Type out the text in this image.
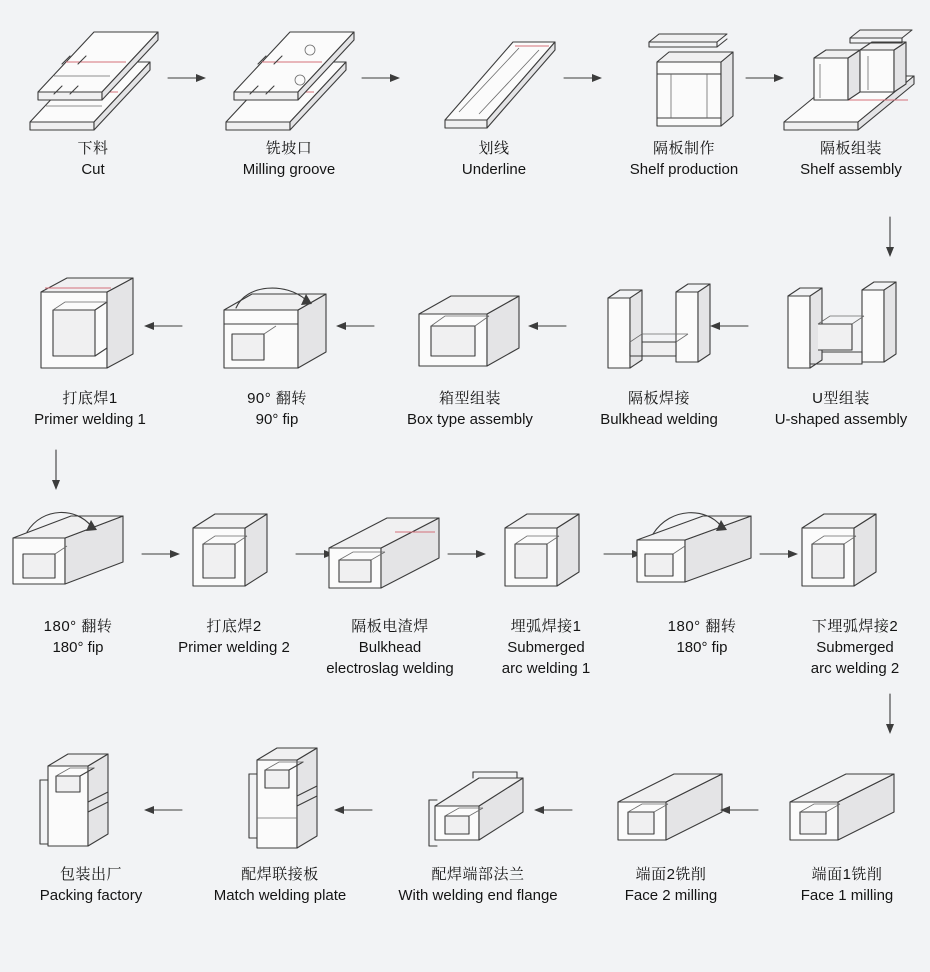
下料
Cut
铣坡口
Milling groove
划线
Underline
隔板制作
Shelf production
隔板组装
Shelf assembly
打底焊1
Primer welding 1
90° 翻转
90° fip
箱型组装
Box type assembly
隔板焊接
Bulkhead welding
U型组装
U-shaped assembly
180° 翻转
180° fip
打底焊2
Primer welding 2
隔板电渣焊
Bulkhead
electroslag welding
埋弧焊接1
Submerged
arc welding 1
180° 翻转
180° fip
下埋弧焊接2
Submerged
arc welding 2
包装出厂
Packing factory
配焊联接板
Match welding plate
配焊端部法兰
With welding end flange
端面2铣削
Face 2 milling
端面1铣削
Face 1 milling
